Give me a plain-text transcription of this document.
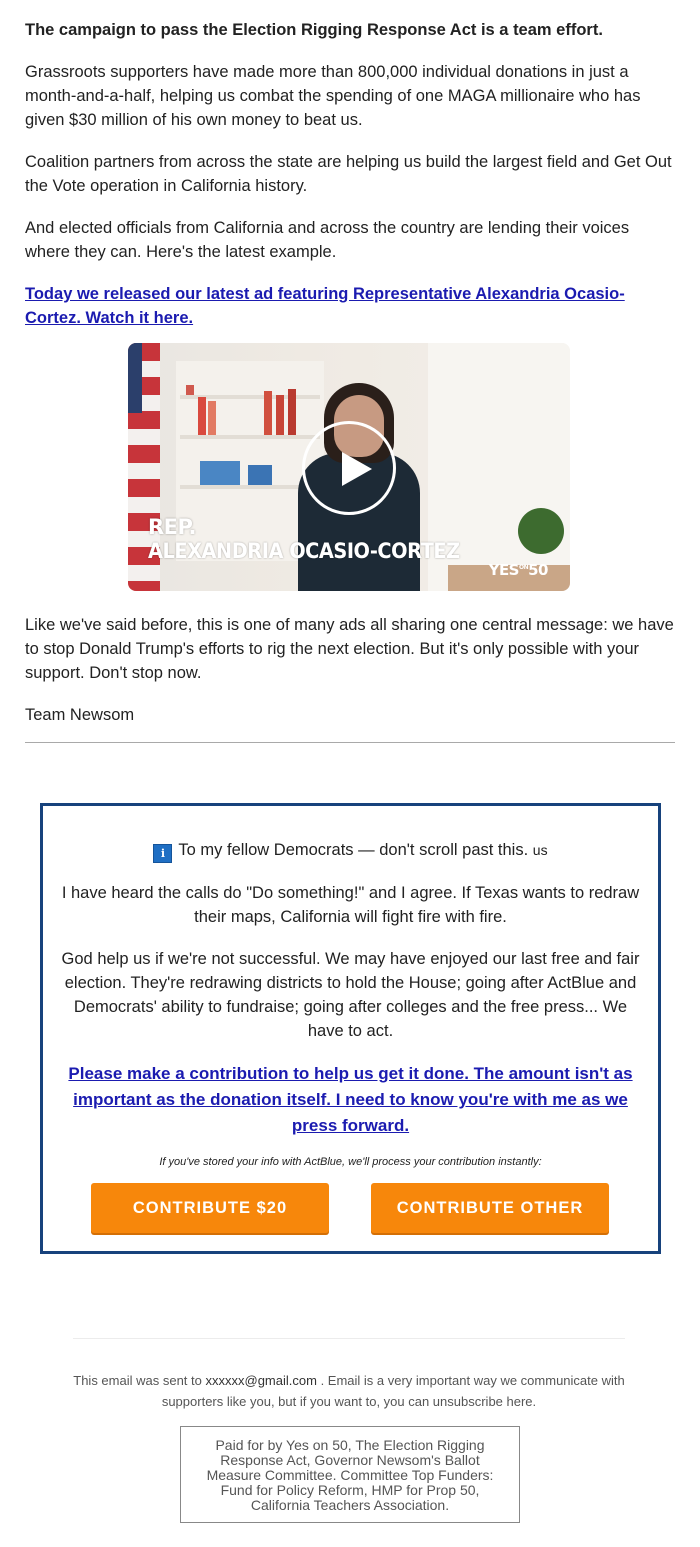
The campaign to pass the Election Rigging Response Act is a team effort.

Grassroots supporters have made more than 800,000 individual donations in just a month-and-a-half, helping us combat the spending of one MAGA millionaire who has given $30 million of his own money to beat us.

Coalition partners from across the state are helping us build the largest field and Get Out the Vote operation in California history.

And elected officials from California and across the country are lending their voices where they can. Here's the latest example.

Today we released our latest ad featuring Representative Alexandria Ocasio-Cortez. Watch it here.

REP.
ALEXANDRIA OCASIO-CORTEZ
$YES^{ON}50$

Like we've said before, this is one of many ads all sharing one central message: we have to stop Donald Trump's efforts to rig the next election. But it's only possible with your support. Don't stop now.

Team Newsom

i To my fellow Democrats — don't scroll past this. us

I have heard the calls do "Do something!" and I agree. If Texas wants to redraw their maps, California will fight fire with fire.

God help us if we're not successful. We may have enjoyed our last free and fair election. They're redrawing districts to hold the House; going after ActBlue and Democrats' ability to fundraise; going after colleges and the free press... We have to act.

Please make a contribution to help us get it done. The amount isn't as important as the donation itself. I need to know you're with me as we press forward.

If you've stored your info with ActBlue, we'll process your contribution instantly:

CONTRIBUTE $20	CONTRIBUTE OTHER
This email was sent to xxxxxx@gmail.com . Email is a very important way we communicate with supporters like you, but if you want to, you can unsubscribe here.
Paid for by Yes on 50, The Election Rigging Response Act, Governor Newsom's Ballot Measure Committee. Committee Top Funders: Fund for Policy Reform, HMP for Prop 50, California Teachers Association.
